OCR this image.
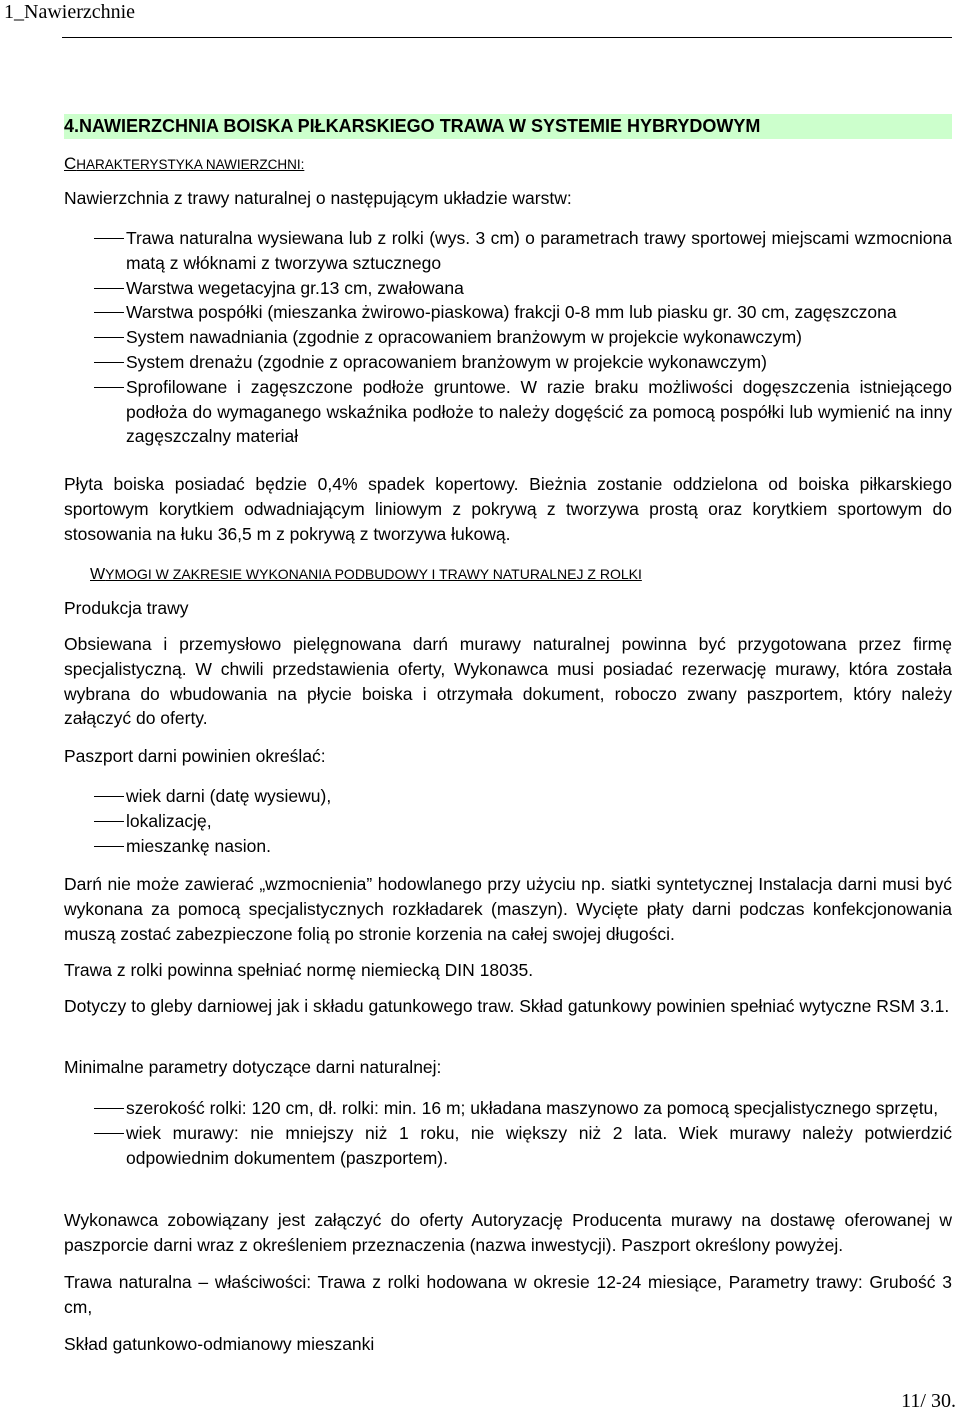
1_Nawierzchnie
4.NAWIERZCHNIA BOISKA PIŁKARSKIEGO TRAWA W SYSTEMIE HYBRYDOWYM
CHARAKTERYSTYKA NAWIERZCHNI:

Nawierzchnia z trawy naturalnej o następującym układzie warstw:

Trawa naturalna wysiewana lub z rolki (wys. 3 cm) o parametrach trawy sportowej miejscami wzmocniona matą z włóknami z tworzywa sztucznego
Warstwa wegetacyjna gr.13 cm, zwałowana
Warstwa pospółki (mieszanka żwirowo-piaskowa) frakcji 0-8 mm lub piasku gr. 30 cm, zagęszczona
System nawadniania (zgodnie z opracowaniem branżowym w projekcie wykonawczym)
System drenażu (zgodnie z opracowaniem branżowym w projekcie wykonawczym)
Sprofilowane i zagęszczone podłoże gruntowe. W razie braku możliwości dogęszczenia istniejącego podłoża do wymaganego wskaźnika podłoże to należy dogęścić za pomocą pospółki lub wymienić na inny zagęszczalny materiał

Płyta boiska posiadać będzie 0,4% spadek kopertowy. Bieżnia zostanie oddzielona od boiska piłkarskiego sportowym korytkiem odwadniającym liniowym z pokrywą z tworzywa prostą oraz korytkiem sportowym do stosowania na łuku 36,5 m z pokrywą z tworzywa łukową.

WYMOGI W ZAKRESIE WYKONANIA PODBUDOWY I TRAWY NATURALNEJ Z ROLKI

Produkcja trawy

Obsiewana i przemysłowo pielęgnowana darń murawy naturalnej powinna być przygotowana przez firmę specjalistyczną. W chwili przedstawienia oferty, Wykonawca musi posiadać rezerwację murawy, która została wybrana do wbudowania na płycie boiska i otrzymała dokument, roboczo zwany paszportem, który należy załączyć do oferty.

Paszport darni powinien określać:

wiek darni (datę wysiewu),
lokalizację,
mieszankę nasion.

Darń nie może zawierać „wzmocnienia” hodowlanego przy użyciu np. siatki syntetycznej Instalacja darni musi być wykonana za pomocą specjalistycznych rozkładarek (maszyn). Wycięte płaty darni podczas konfekcjonowania muszą zostać zabezpieczone folią po stronie korzenia na całej swojej długości.

Trawa z rolki powinna spełniać normę niemiecką DIN 18035.

Dotyczy to gleby darniowej jak i składu gatunkowego traw. Skład gatunkowy powinien spełniać wytyczne RSM 3.1.

Minimalne parametry dotyczące darni naturalnej:

szerokość rolki: 120 cm, dł. rolki: min. 16 m; układana maszynowo za pomocą specjalistycznego sprzętu,
wiek murawy: nie mniejszy niż 1 roku, nie większy niż 2 lata. Wiek murawy należy potwierdzić odpowiednim dokumentem (paszportem).

Wykonawca zobowiązany jest załączyć do oferty Autoryzację Producenta murawy na dostawę oferowanej w paszporcie darni wraz z określeniem przeznaczenia (nazwa inwestycji). Paszport określony powyżej.

Trawa naturalna – właściwości: Trawa z rolki hodowana w okresie 12-24 miesiące, Parametry trawy: Grubość 3 cm,

Skład gatunkowo-odmianowy mieszanki

11/ 30.
